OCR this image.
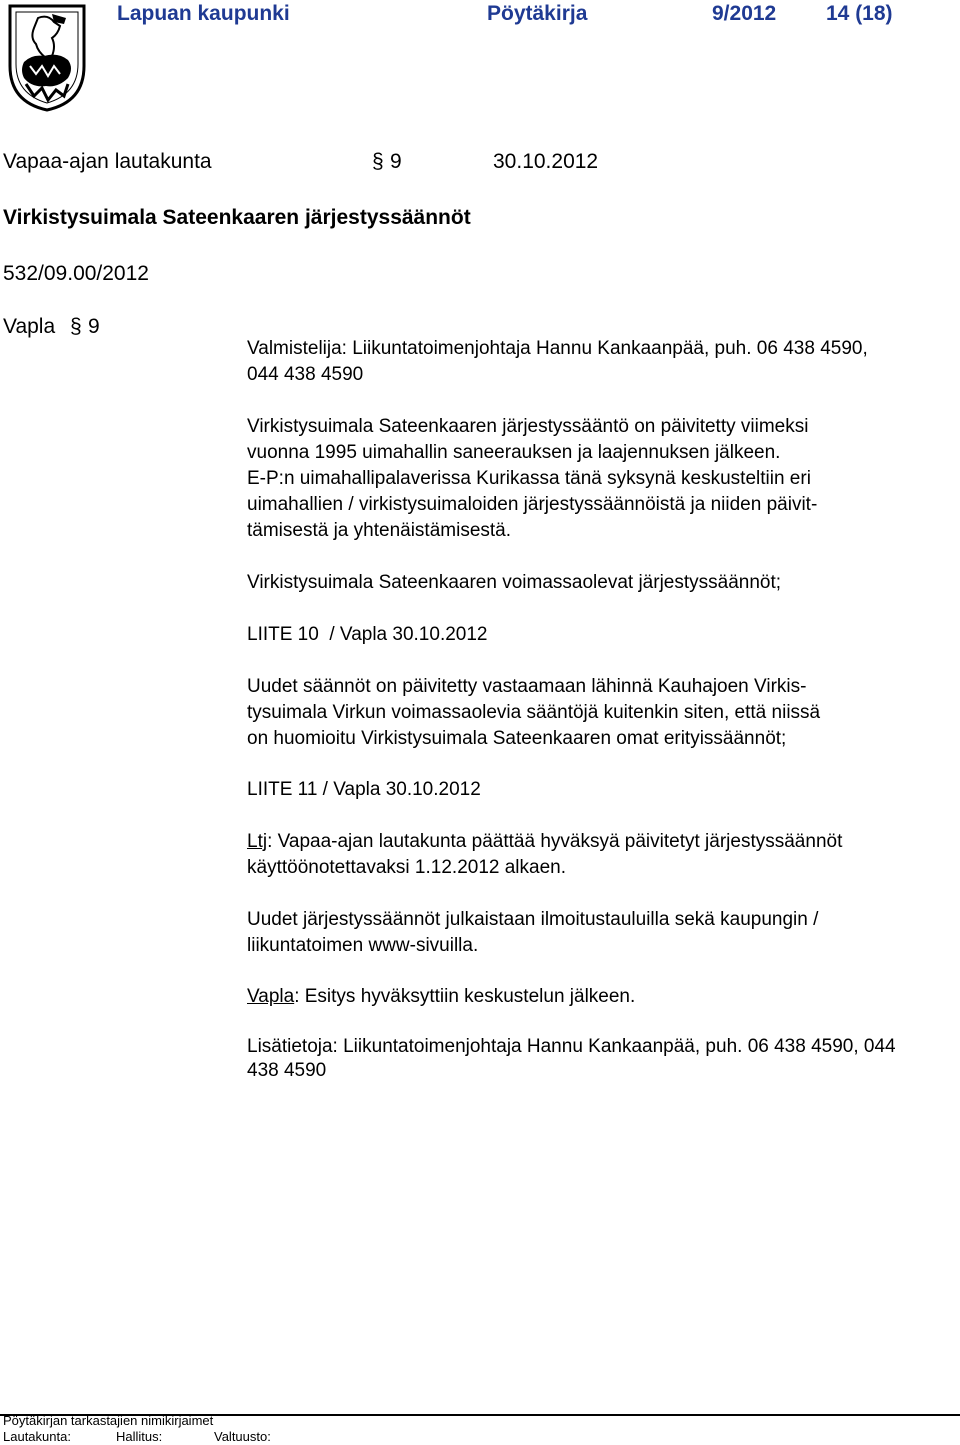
Lapuan kaupunki	Pöytäkirja	9/2012 14 (18)
Vapaa-ajan lautakunta	§ 9	30.10.2012
Virkistysuimala Sateenkaaren järjestyssäännöt
532/09.00/2012
Vapla § 9
Valmistelija: Liikuntatoimenjohtaja Hannu Kankaanpää, puh. 06 438 4590,
044 438 4590
Virkistysuimala Sateenkaaren järjestyssääntö on päivitetty viimeksi
vuonna 1995 uimahallin saneerauksen ja laajennuksen jälkeen.
E-P:n uimahallipalaverissa Kurikassa tänä syksynä keskusteltiin eri
uimahallien / virkistysuimaloiden järjestyssäännöistä ja niiden päivit-
tämisestä ja yhtenäistämisestä.
Virkistysuimala Sateenkaaren voimassaolevat järjestyssäännöt;
LIITE 10  / Vapla 30.10.2012
Uudet säännöt on päivitetty vastaamaan lähinnä Kauhajoen Virkis-
tysuimala Virkun voimassaolevia sääntöjä kuitenkin siten, että niissä
on huomioitu Virkistysuimala Sateenkaaren omat erityissäännöt;
LIITE 11 / Vapla 30.10.2012
Ltj: Vapaa-ajan lautakunta päättää hyväksyä päivitetyt järjestyssäännöt
käyttöönotettavaksi 1.12.2012 alkaen.
Uudet järjestyssäännöt julkaistaan ilmoitustauluilla sekä kaupungin /
liikuntatoimen www-sivuilla.
Vapla: Esitys hyväksyttiin keskustelun jälkeen.
Lisätietoja: Liikuntatoimenjohtaja Hannu Kankaanpää, puh. 06 438 4590, 044
438 4590
Pöytäkirjan tarkastajien nimikirjaimet
Lautakunta:	Hallitus:	Valtuusto:
